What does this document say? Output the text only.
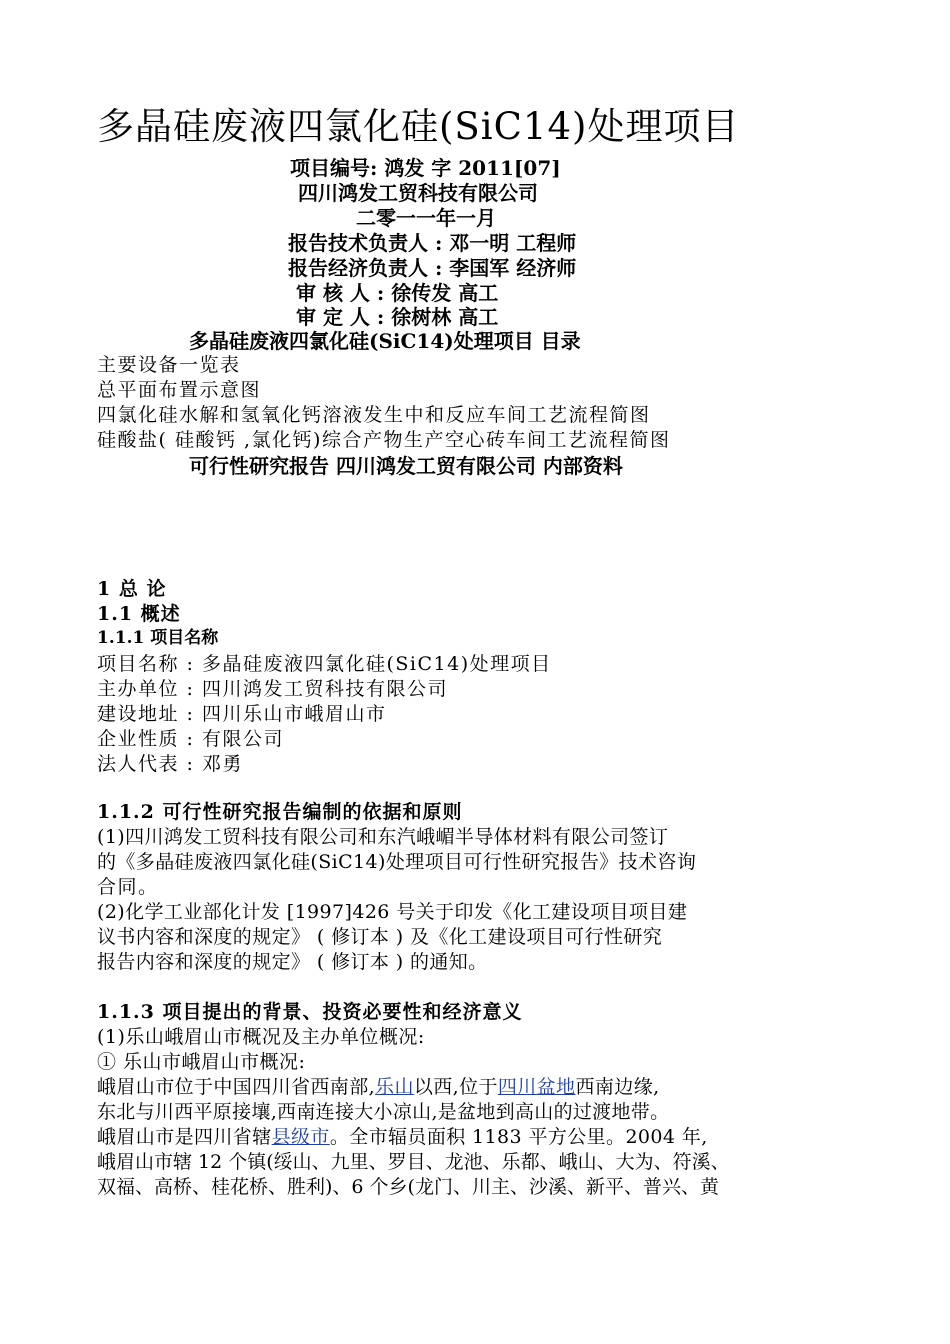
多晶硅废液四氯化硅(SiC14)处理项目
项目编号: 鸿发 字 2011[07]
四川鸿发工贸科技有限公司
二零一一年一月
报告技术负责人 : 邓一明 工程师
报告经济负责人 : 李国军 经济师
审 核 人 : 徐传发 高工
审 定 人 : 徐树林 高工
多晶硅废液四氯化硅(SiC14)处理项目 目录
主要设备一览表
总平面布置示意图
四氯化硅水解和氢氧化钙溶液发生中和反应车间工艺流程简图
硅酸盐( 硅酸钙 ,氯化钙)综合产物生产空心砖车间工艺流程简图
可行性研究报告 四川鸿发工贸有限公司 内部资料
1 总 论
1.1 概述
1.1.1 项目名称
项目名称 : 多晶硅废液四氯化硅(SiC14)处理项目
主办单位 : 四川鸿发工贸科技有限公司
建设地址 : 四川乐山市峨眉山市
企业性质 : 有限公司
法人代表 : 邓勇
1.1.2 可行性研究报告编制的依据和原则
(1)四川鸿发工贸科技有限公司和东汽峨嵋半导体材料有限公司签订
的《多晶硅废液四氯化硅(SiC14)处理项目可行性研究报告》技术咨询
合同。
(2)化学工业部化计发 [1997]426 号关于印发《化工建设项目项目建
议书内容和深度的规定》 ( 修订本 ) 及《化工建设项目可行性研究
报告内容和深度的规定》 ( 修订本 ) 的通知。
1.1.3 项目提出的背景、投资必要性和经济意义
(1)乐山峨眉山市概况及主办单位概况:
① 乐山市峨眉山市概况:
峨眉山市位于中国四川省西南部,乐山以西,位于四川盆地西南边缘,
东北与川西平原接壤,西南连接大小凉山,是盆地到高山的过渡地带。
峨眉山市是四川省辖县级市。全市辐员面积 1183 平方公里。2004 年,
峨眉山市辖 12 个镇(绥山、九里、罗目、龙池、乐都、峨山、大为、符溪、
双福、高桥、桂花桥、胜利)、6 个乡(龙门、川主、沙溪、新平、普兴、黄
